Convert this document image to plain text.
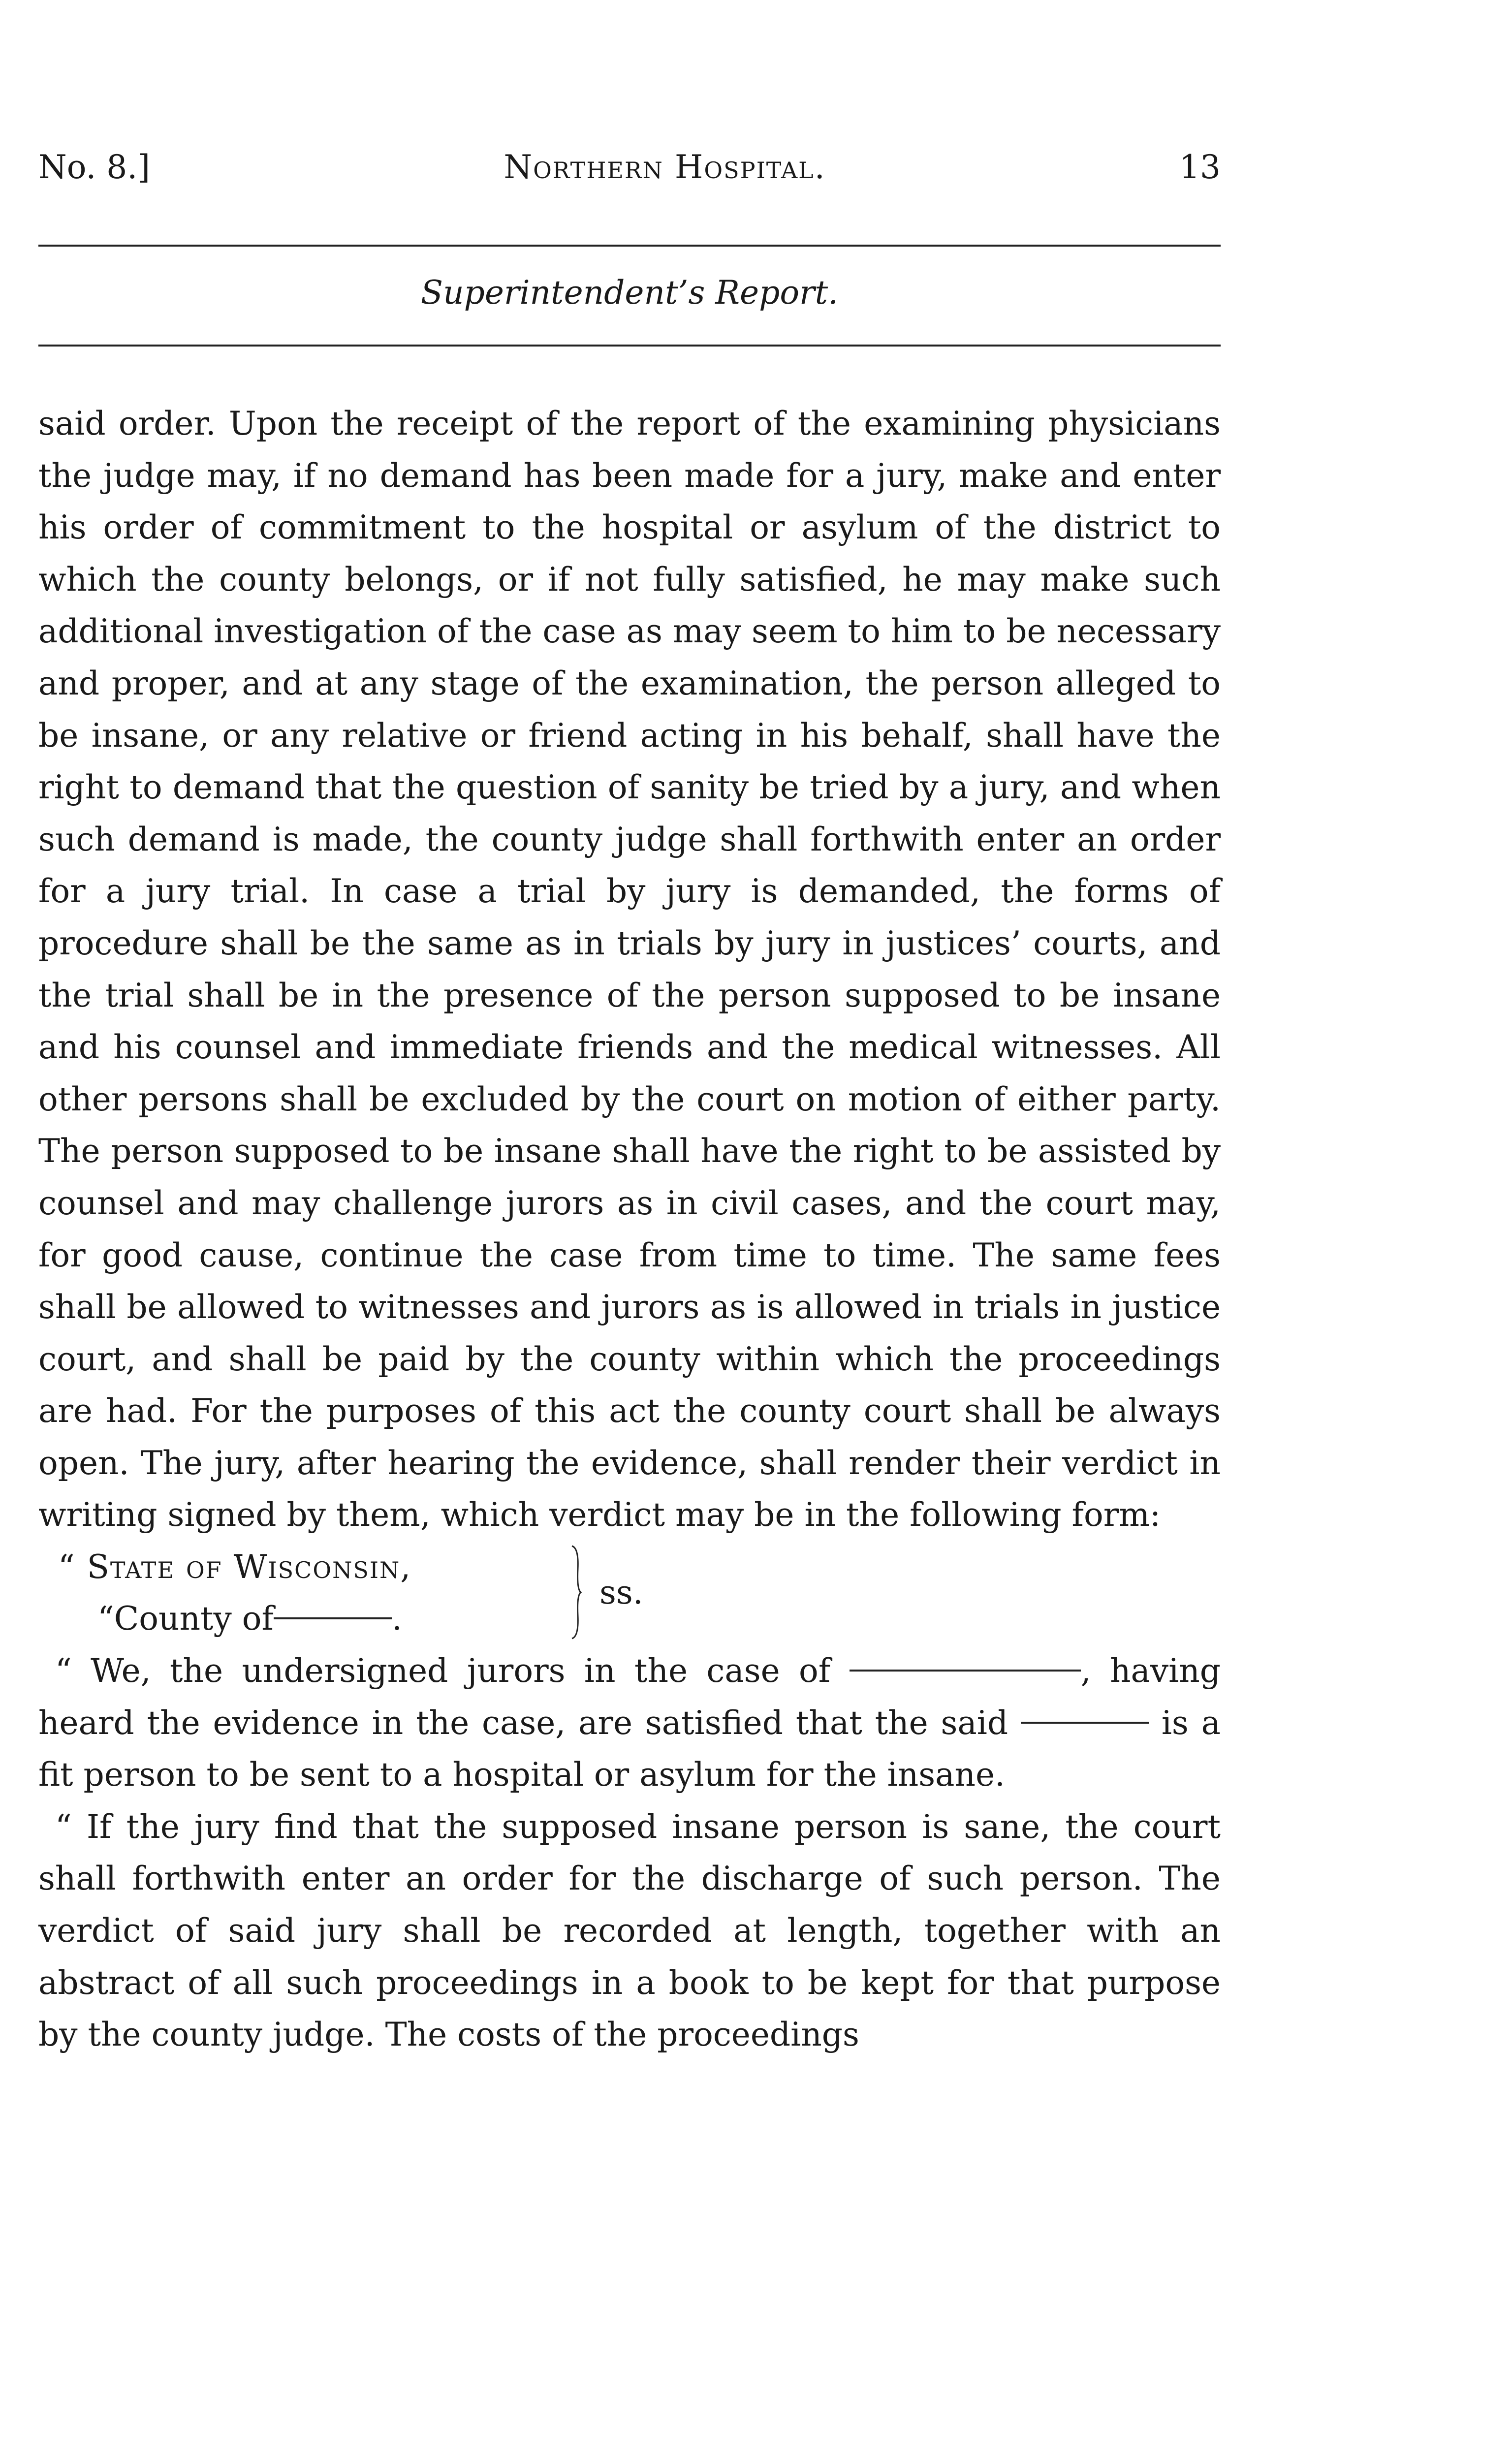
No. 8.]	Northern Hospital.	13
Superintendent’s Report.

said order. Upon the receipt of the report of the examining physicians the judge may, if no demand has been made for a jury, make and enter his order of commitment to the hospital or asylum of the district to which the county belongs, or if not fully satisfied, he may make such additional investigation of the case as may seem to him to be necessary and proper, and at any stage of the examination, the person alleged to be insane, or any relative or friend acting in his behalf, shall have the right to demand that the question of sanity be tried by a jury, and when such demand is made, the county judge shall forthwith enter an order for a jury trial. In case a trial by jury is demanded, the forms of procedure shall be the same as in trials by jury in justices’ courts, and the trial shall be in the presence of the person supposed to be insane and his counsel and immediate friends and the medical witnesses. All other persons shall be excluded by the court on motion of either party. The person supposed to be insane shall have the right to be assisted by counsel and may challenge jurors as in civil cases, and the court may, for good cause, continue the case from time to time. The same fees shall be allowed to witnesses and jurors as is allowed in trials in justice court, and shall be paid by the county within which the proceedings are had. For the purposes of this act the county court shall be always open. The jury, after hearing the evidence, shall render their verdict in writing signed by them, which verdict may be in the following form:

“ State of Wisconsin,
“County of	.
ss.

“ We, the undersigned jurors in the case of	, having heard the evidence in the case, are satisfied that the said	is a fit person to be sent to a hospital or asylum for the insane.

“ If the jury find that the supposed insane person is sane, the court shall forthwith enter an order for the discharge of such person. The verdict of said jury shall be recorded at length, together with an abstract of all such proceedings in a book to be kept for that purpose by the county judge. The costs of the proceedings
